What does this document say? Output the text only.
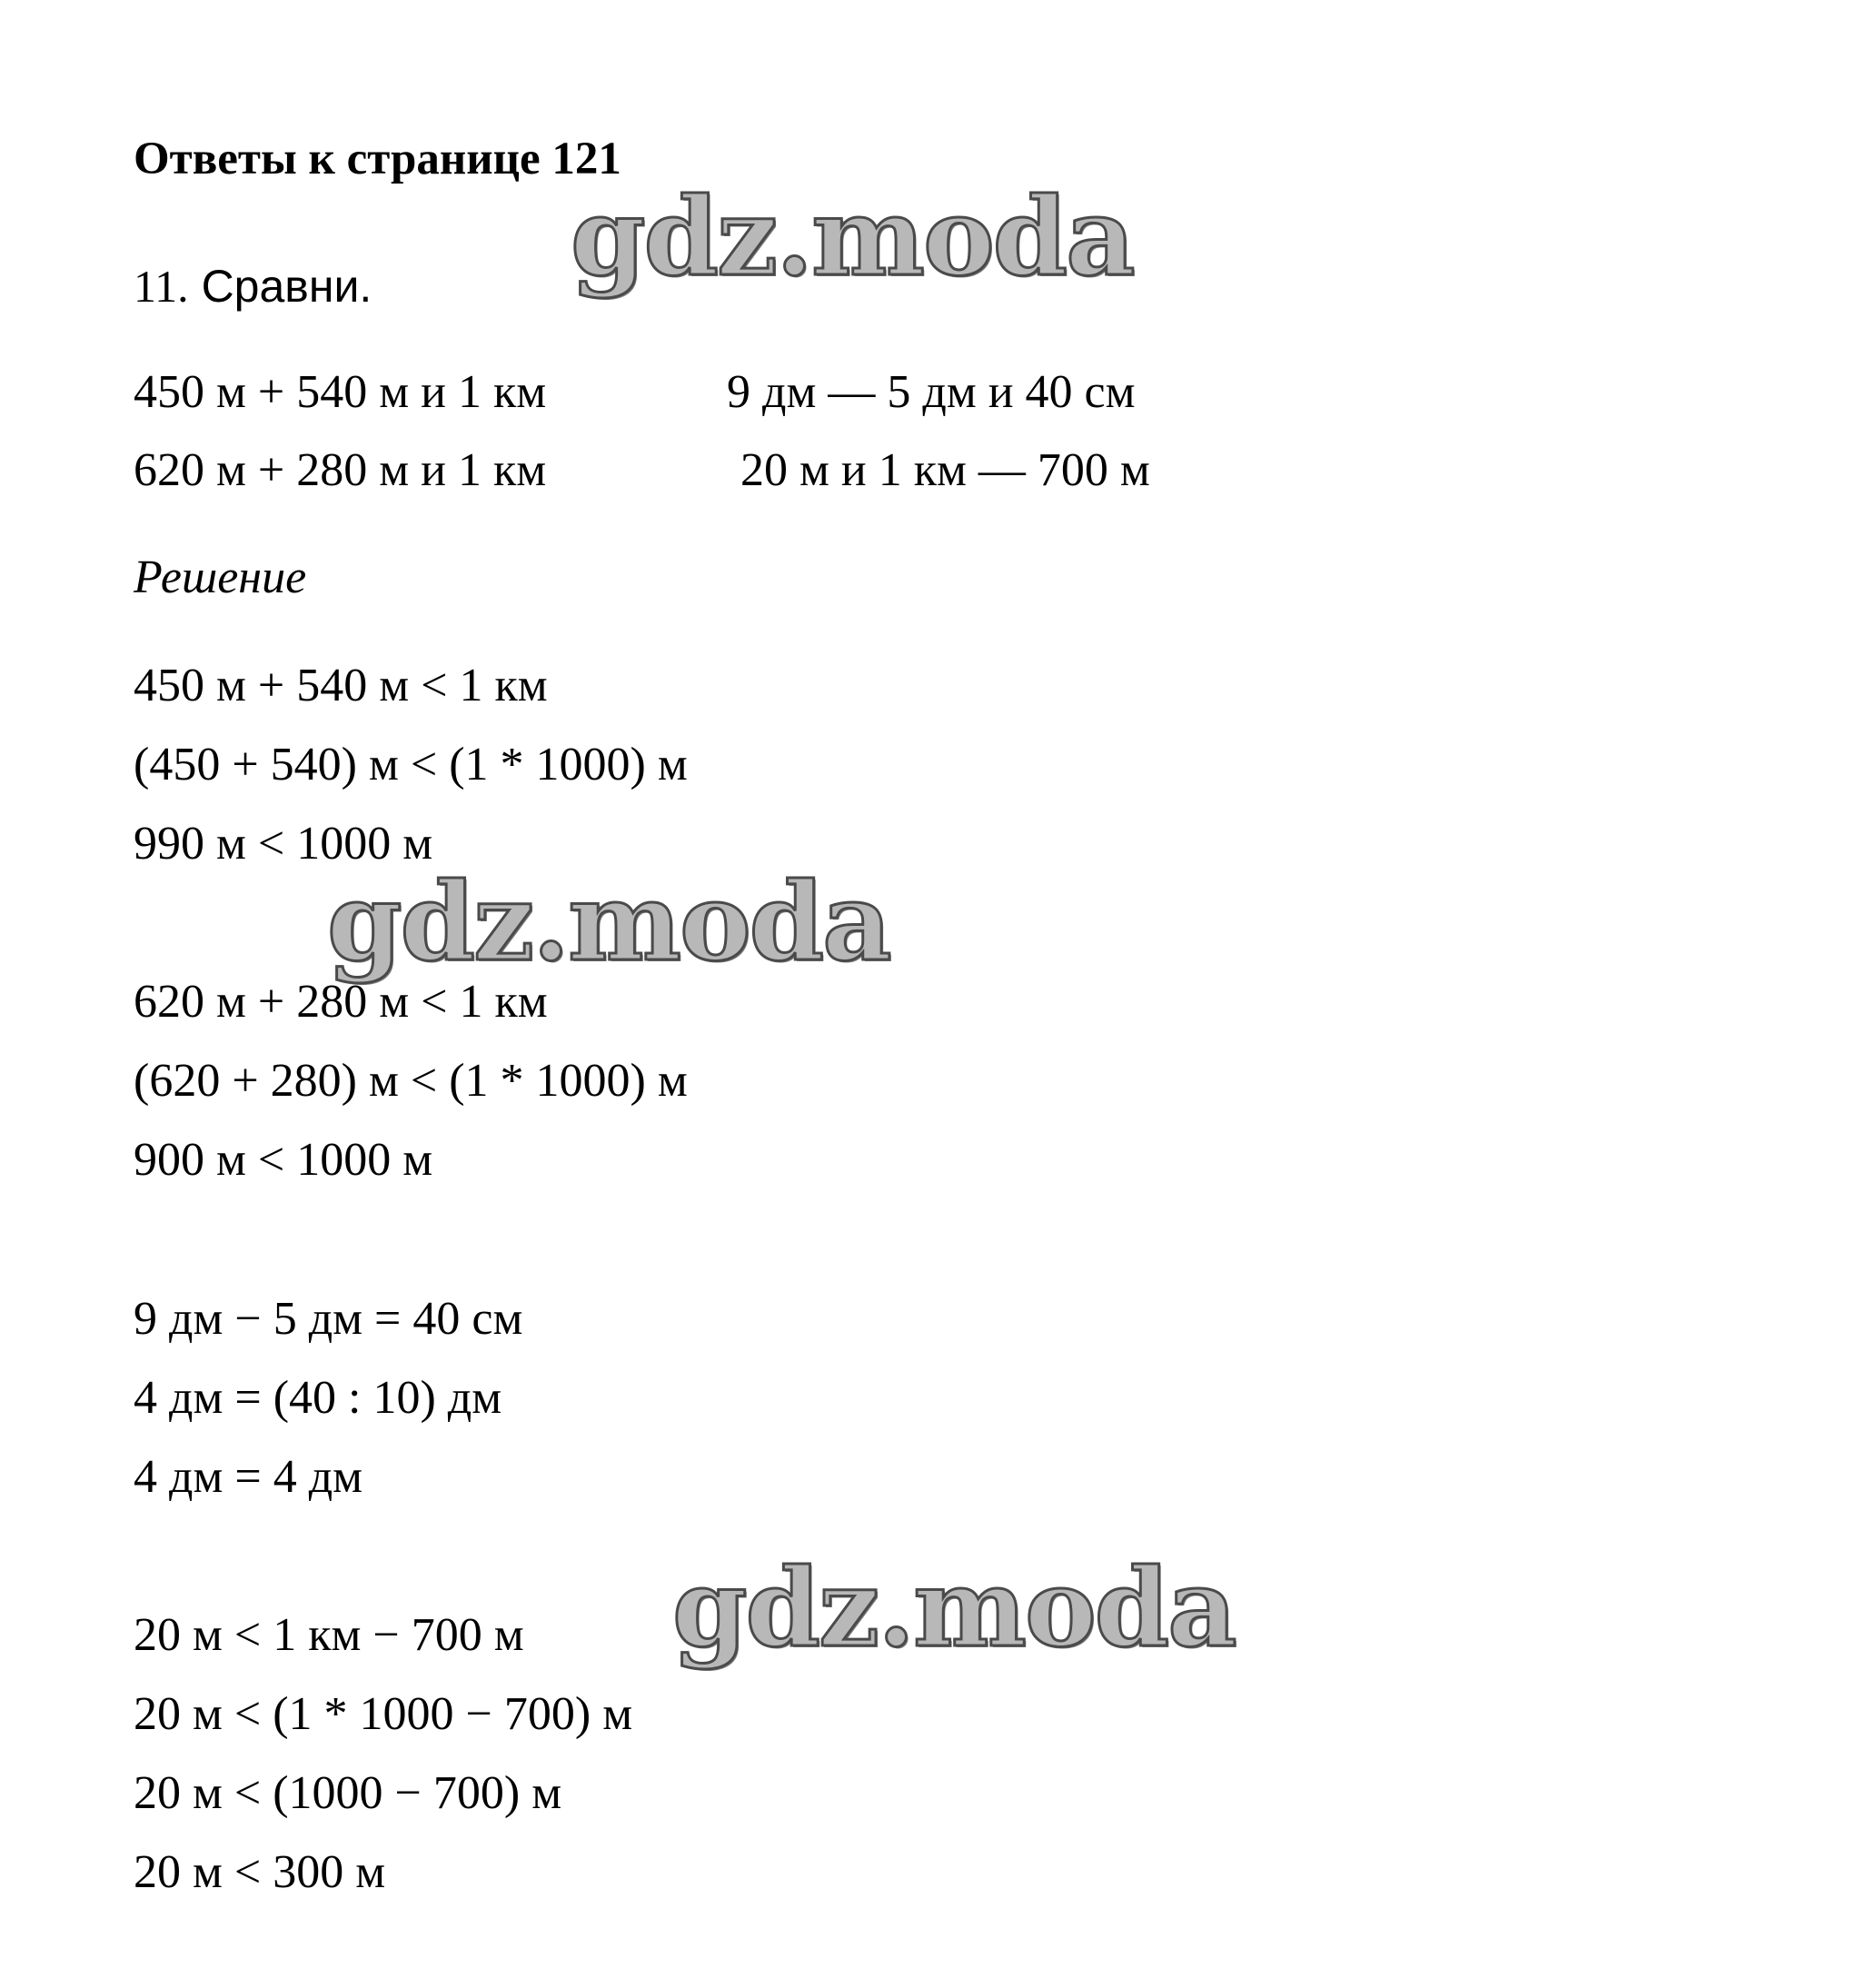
Ответы к странице 121
gdz.moda
11. Сравни.
450 м + 540 м и 1 км	9 дм — 5 дм и 40 см
620 м + 280 м и 1 км	20 м и 1 км — 700 м
Решение
450 м + 540 м < 1 км
(450 + 540) м < (1 * 1000) м
990 м < 1000 м
gdz.moda
620 м + 280 м < 1 км
(620 + 280) м < (1 * 1000) м
900 м < 1000 м
9 дм − 5 дм = 40 см
4 дм = (40 : 10) дм
4 дм = 4 дм
gdz.moda
20 м < 1 км − 700 м
20 м < (1 * 1000 − 700) м
20 м < (1000 − 700) м
20 м < 300 м
